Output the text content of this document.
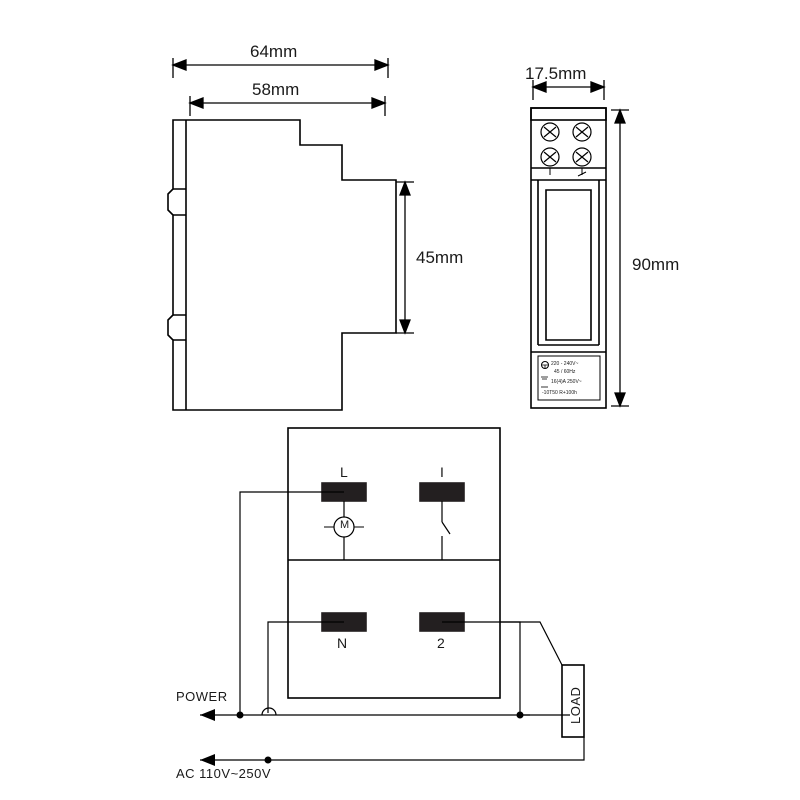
64mm
58mm
45mm
17.5mm
90mm
220 - 240V~
45 / 60Hz
16(4)A 250V~
-10T50 R+100h
L	I
N	2
M
POWER
AC 110V~250V
LOAD
